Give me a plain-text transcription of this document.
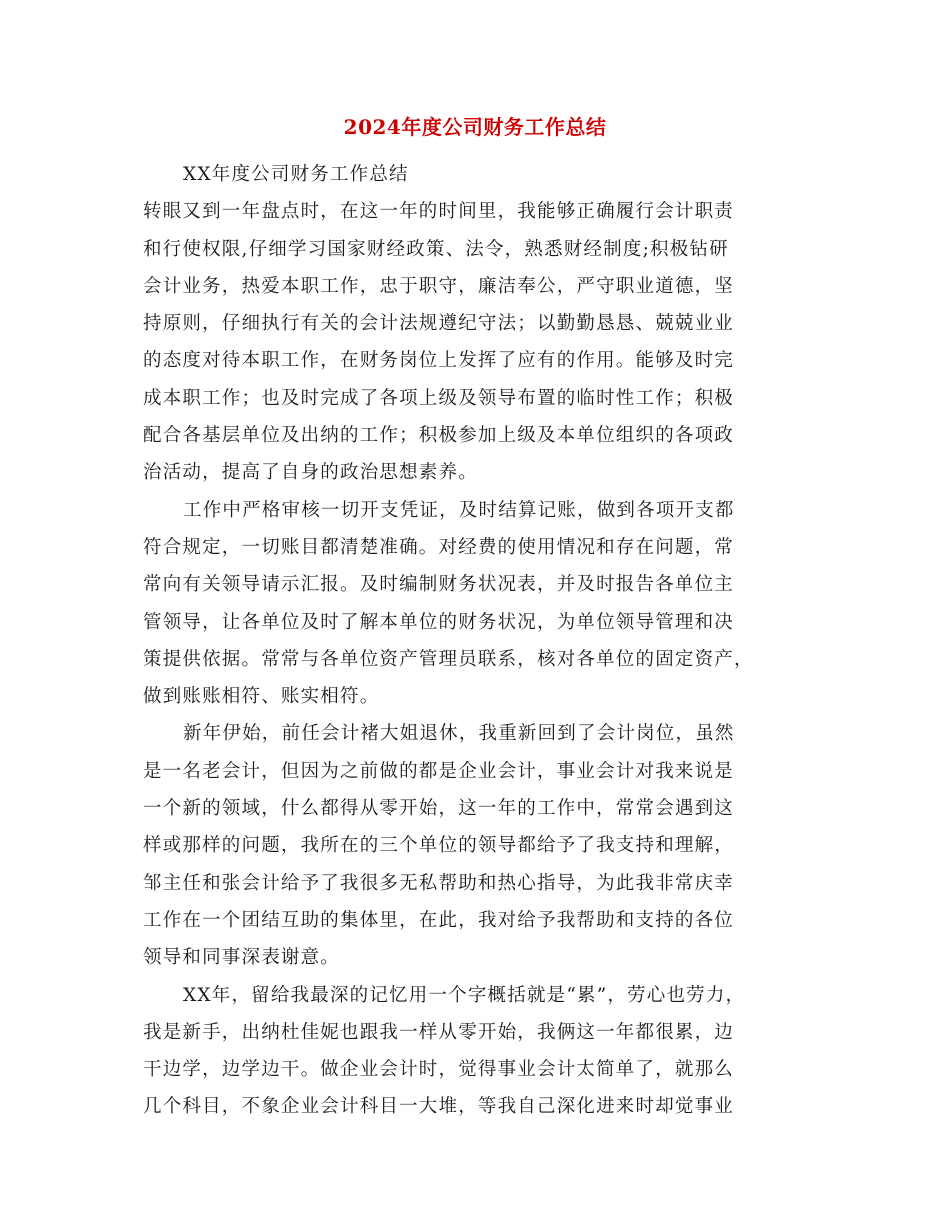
2024年度公司财务工作总结
XX年度公司财务工作总结
转眼又到一年盘点时，在这一年的时间里，我能够正确履行会计职责
和行使权限,仔细学习国家财经政策、法令，熟悉财经制度;积极钻研
会计业务，热爱本职工作，忠于职守，廉洁奉公，严守职业道德，坚
持原则，仔细执行有关的会计法规遵纪守法；以勤勤恳恳、兢兢业业
的态度对待本职工作，在财务岗位上发挥了应有的作用。能够及时完
成本职工作；也及时完成了各项上级及领导布置的临时性工作；积极
配合各基层单位及出纳的工作；积极参加上级及本单位组织的各项政
治活动，提高了自身的政治思想素养。
工作中严格审核一切开支凭证，及时结算记账，做到各项开支都
符合规定，一切账目都清楚准确。对经费的使用情况和存在问题，常
常向有关领导请示汇报。及时编制财务状况表，并及时报告各单位主
管领导，让各单位及时了解本单位的财务状况，为单位领导管理和决
策提供依据。常常与各单位资产管理员联系，核对各单位的固定资产，
做到账账相符、账实相符。
新年伊始，前任会计褚大姐退休，我重新回到了会计岗位，虽然
是一名老会计，但因为之前做的都是企业会计，事业会计对我来说是
一个新的领域，什么都得从零开始，这一年的工作中，常常会遇到这
样或那样的问题，我所在的三个单位的领导都给予了我支持和理解，
邹主任和张会计给予了我很多无私帮助和热心指导，为此我非常庆幸
工作在一个团结互助的集体里，在此，我对给予我帮助和支持的各位
领导和同事深表谢意。
XX年，留给我最深的记忆用一个字概括就是“累”，劳心也劳力，
我是新手，出纳杜佳妮也跟我一样从零开始，我俩这一年都很累，边
干边学，边学边干。做企业会计时，觉得事业会计太简单了，就那么
几个科目，不象企业会计科目一大堆，等我自己深化进来时却觉事业
